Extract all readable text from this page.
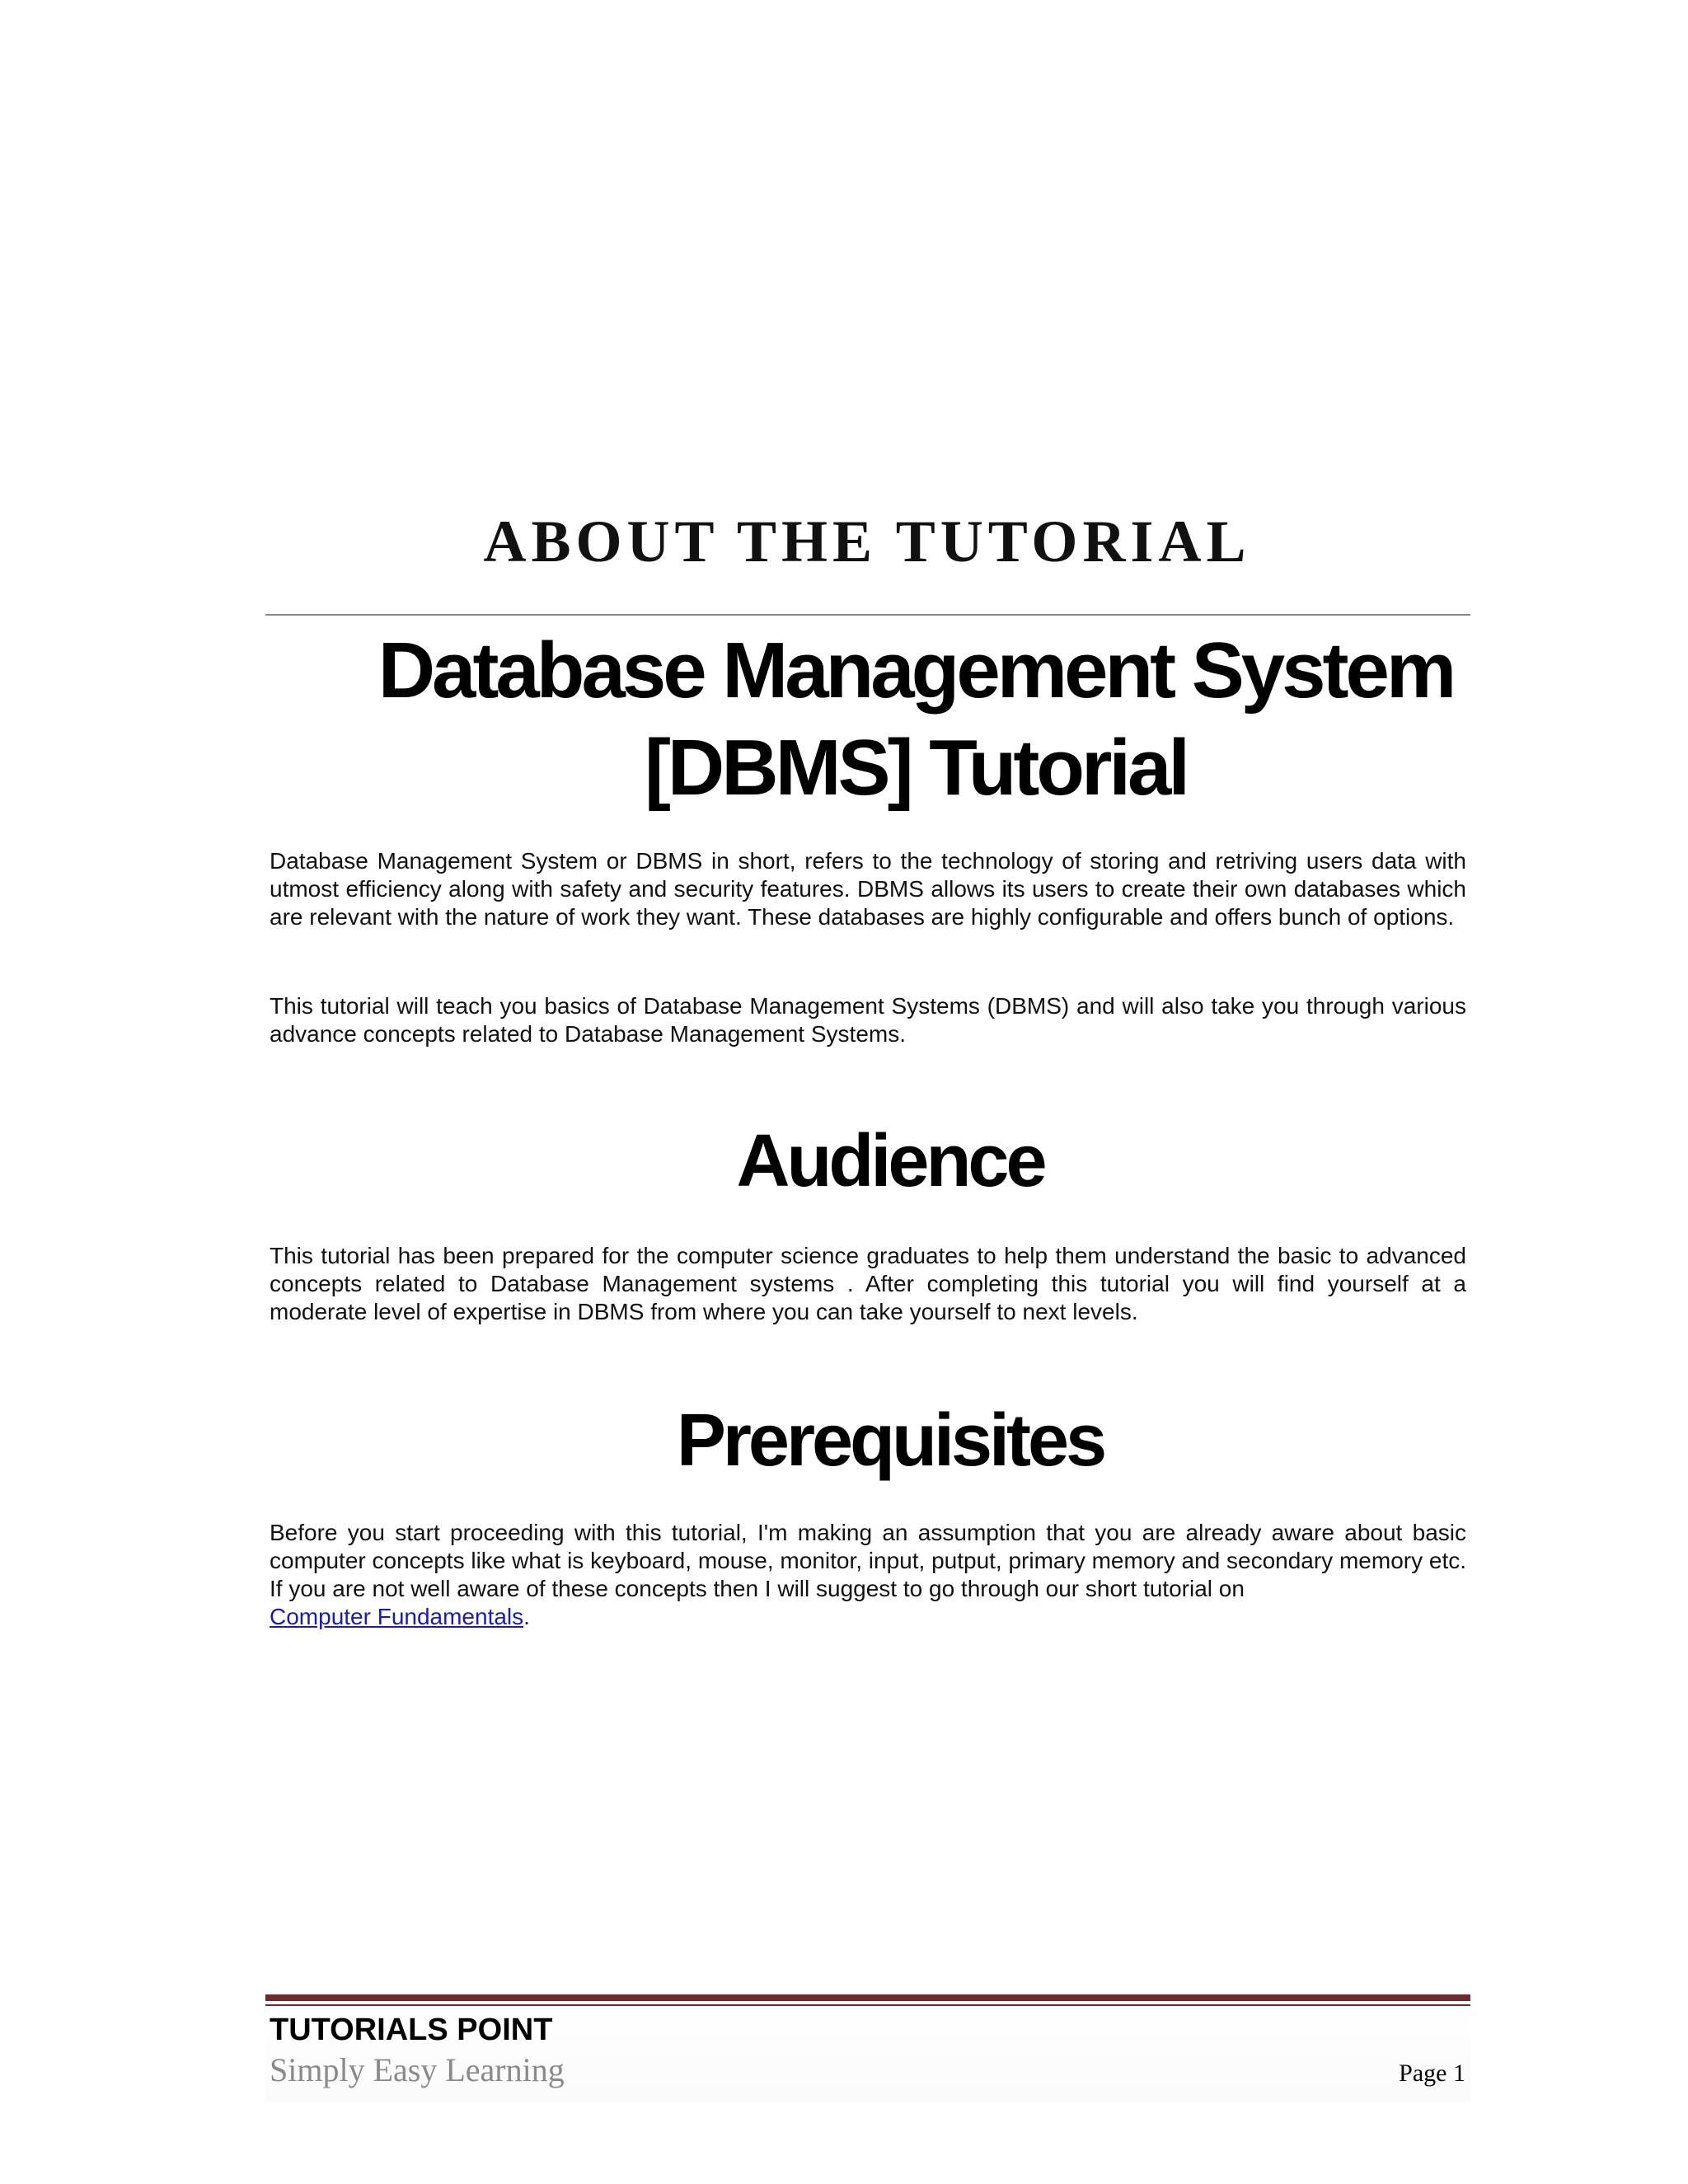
ABOUT THE TUTORIAL
Database Management System
[DBMS] Tutorial

Database Management System or DBMS in short, refers to the technology of storing and retriving users data with utmost efficiency along with safety and security features. DBMS allows its users to create their own databases which are relevant with the nature of work they want. These databases are highly configurable and offers bunch of options.

This tutorial will teach you basics of Database Management Systems (DBMS) and will also take you through various advance concepts related to Database Management Systems.

Audience

This tutorial has been prepared for the computer science graduates to help them understand the basic to advanced concepts related to Database Management systems . After completing this tutorial you will find yourself at a moderate level of expertise in DBMS from where you can take yourself to next levels.

Prerequisites

Before you start proceeding with this tutorial, I'm making an assumption that you are already aware about basic computer concepts like what is keyboard, mouse, monitor, input, putput, primary memory and secondary memory etc. If you are not well aware of these concepts then I will suggest to go through our short tutorial on
Computer Fundamentals.

TUTORIALS POINT
Simply Easy Learning	Page 1
